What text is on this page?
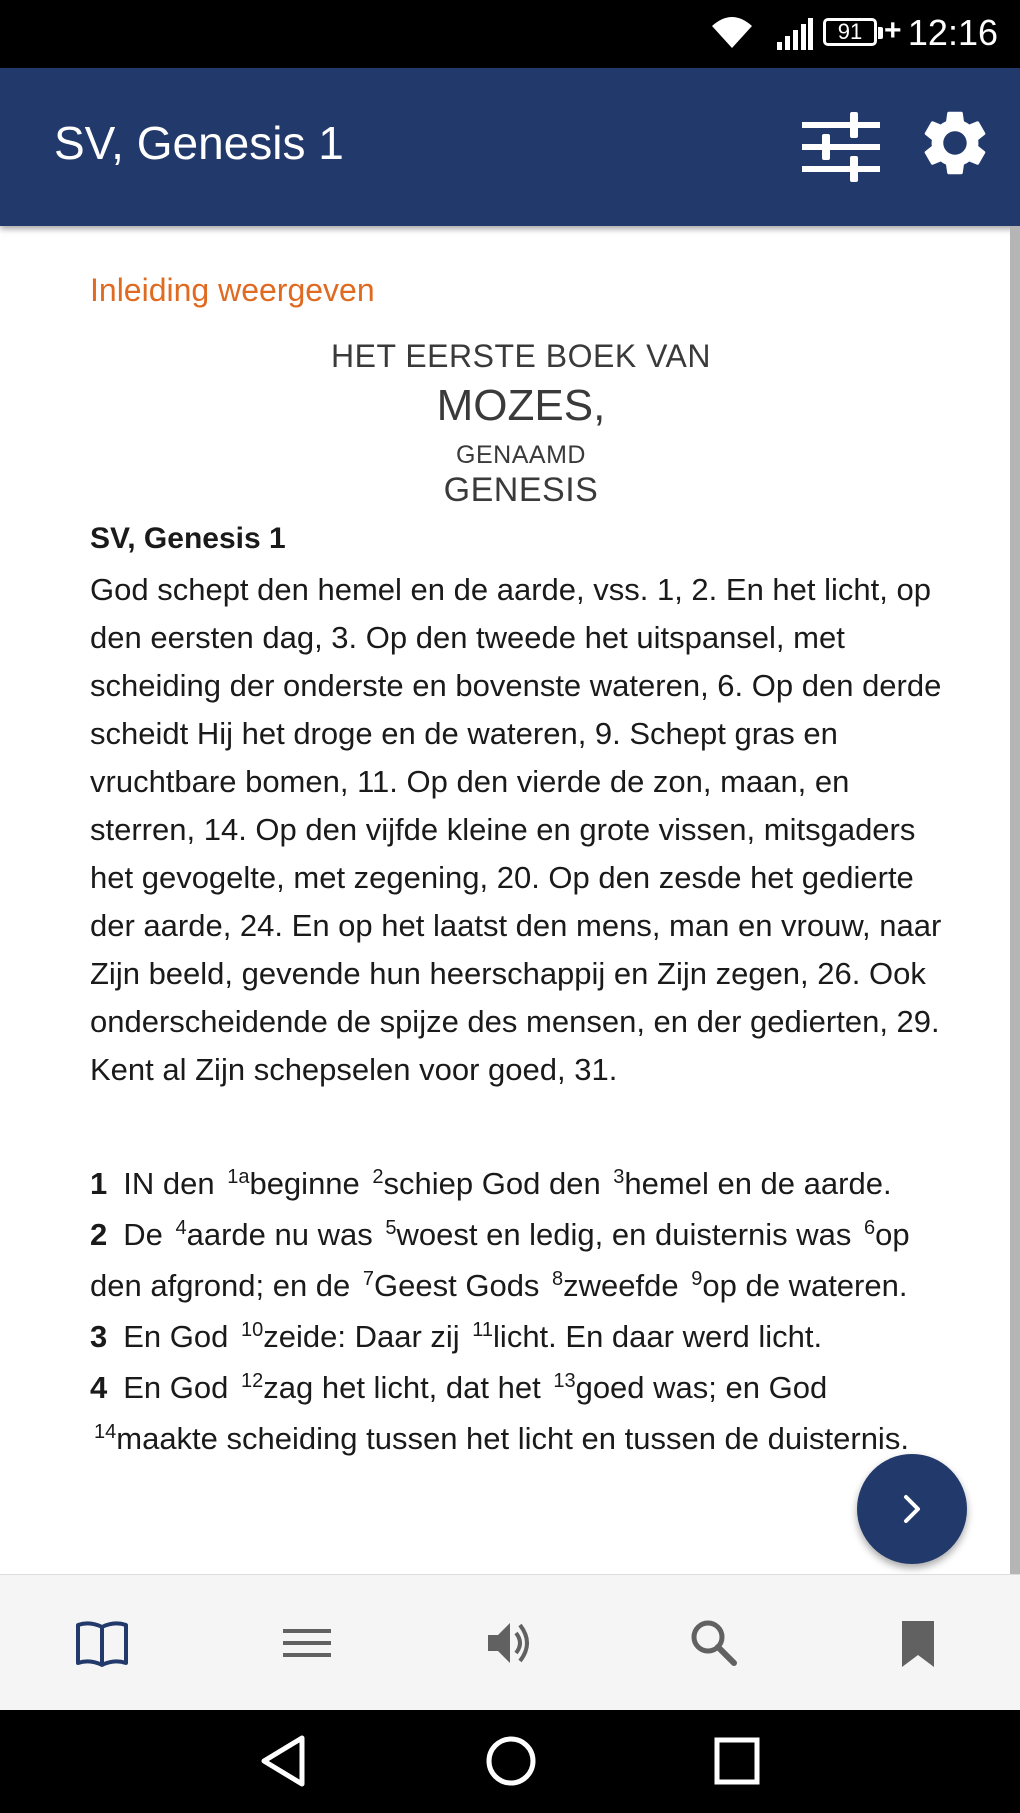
91 + 12:16
SV, Genesis 1
Inleiding weergeven
HET EERSTE BOEK VAN
MOZES,
GENAAMD
GENESIS
SV, Genesis 1
God schept den hemel en de aarde, vss. 1, 2. En het licht, op den eersten dag, 3. Op den tweede het uitspansel, met scheiding der onderste en bovenste wateren, 6. Op den derde scheidt Hij het droge en de wateren, 9. Schept gras en vruchtbare bomen, 11. Op den vierde de zon, maan, en sterren, 14. Op den vijfde kleine en grote vissen, mitsgaders het gevogelte, met zegening, 20. Op den zesde het gedierte der aarde, 24. En op het laatst den mens, man en vrouw, naar Zijn beeld, gevende hun heerschappij en Zijn zegen, 26. Ook onderscheidende de spijze des mensen, en der gedierten, 29. Kent al Zijn schepselen voor goed, 31.
1 IN den $^{1a}$beginne $^2$schiep God den $^3$hemel en de aarde.
2 De $^4$aarde nu was $^5$woest en ledig, en duisternis was $^6$op den afgrond; en de $^7$Geest Gods $^8$zweefde $^9$op de wateren.
3 En God $^{10}$zeide: Daar zij $^{11}$licht. En daar werd licht.
4 En God $^{12}$zag het licht, dat het $^{13}$goed was; en God $^{14}$maakte scheiding tussen het licht en tussen de duisternis.
